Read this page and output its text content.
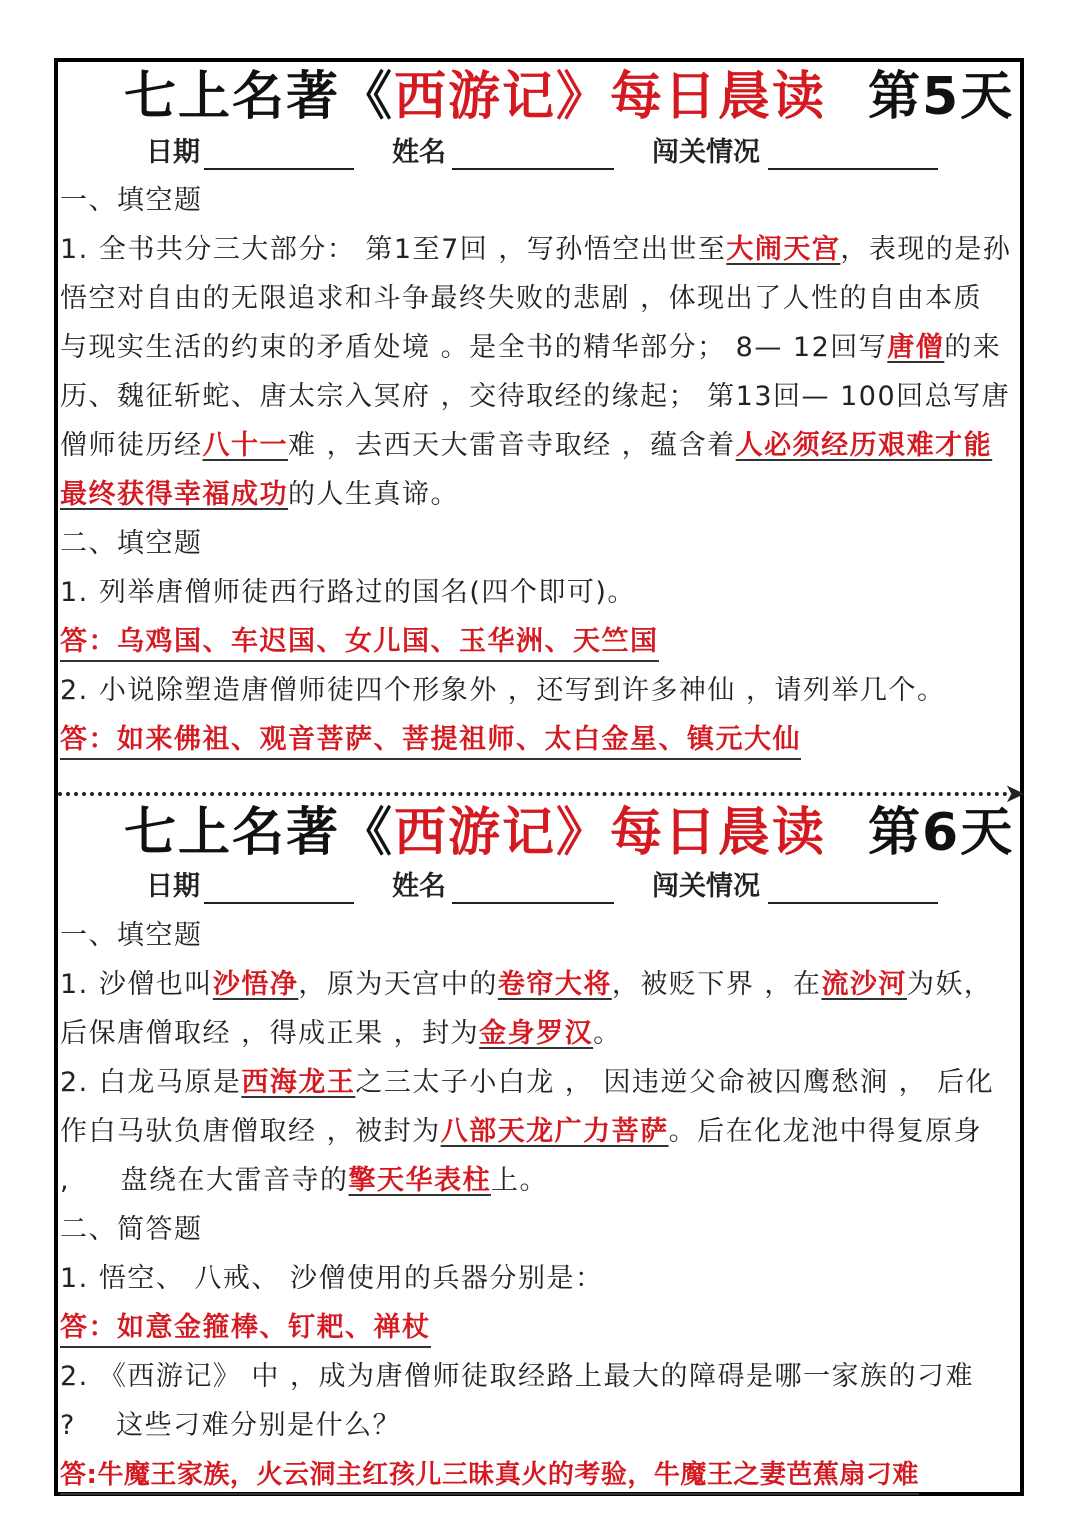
七上名著《西游记》每日晨读 第5天
日期	姓名	闯关情况
一、填空题
1. 全书共分三大部分： 第1至7回 ，写孙悟空出世至大闹天宫，表现的是孙
悟空对自由的无限追求和斗争最终失败的悲剧 ，体现出了人性的自由本质
与现实生活的约束的矛盾处境 。是全书的精华部分； 8— 12回写唐僧的来
历、魏征斩蛇、唐太宗入冥府 ，交待取经的缘起； 第13回— 100回总写唐
僧师徒历经八十一难 ，去西天大雷音寺取经 ，蕴含着人必须经历艰难才能
最终获得幸福成功的人生真谛。
二、填空题
1. 列举唐僧师徒西行路过的国名(四个即可)。
答：乌鸡国、车迟国、女儿国、玉华洲、天竺国
2. 小说除塑造唐僧师徒四个形象外 ，还写到许多神仙 ，请列举几个。
答：如来佛祖、观音菩萨、菩提祖师、太白金星、镇元大仙
➤
七上名著《西游记》每日晨读 第6天
日期	姓名	闯关情况
一、填空题
1. 沙僧也叫沙悟净，原为天宫中的卷帘大将，被贬下界 ，在流沙河为妖，
后保唐僧取经 ，得成正果 ，封为金身罗汉。
2. 白龙马原是西海龙王之三太子小白龙 ， 因违逆父命被囚鹰愁涧 ， 后化
作白马驮负唐僧取经 ，被封为八部天龙广力菩萨。后在化龙池中得复原身
,     盘绕在大雷音寺的擎天华表柱上。
二、简答题
1. 悟空、 八戒、 沙僧使用的兵器分别是：
答：如意金箍棒、钉耙、禅杖
2. 《西游记》 中 ，成为唐僧师徒取经路上最大的障碍是哪一家族的刁难
?    这些刁难分别是什么？
答:牛魔王家族，火云洞主红孩儿三昧真火的考验，牛魔王之妻芭蕉扇刁难
